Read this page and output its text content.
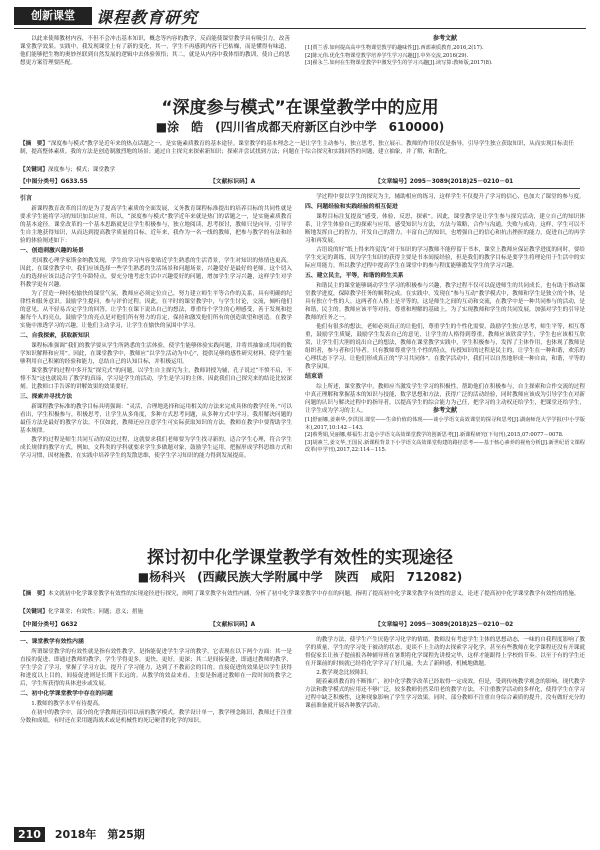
创新课堂	课程教育研究

以此来使师教材内容，不但不会冲击基本知识，概念等内容的教学，反而能使课堂教学具有吸引力，改善课堂教学效果。实践中，我发现课堂上有了新的变化，其一，学生不再感到内容干巴枯燥，而是懂得有味道，他们能够把生物的奥妙丝联到自然发展的逻辑中去体验领悟；其二，就是从内容中我体悟的教训，使自己的思想更方案管理要匹配。

参考文献
[1]贾兰香.如何提高高中生物课堂教学的趣味性[J].西部素质教育,2016,2(17).
[2]陈元伟.优化生物课堂教学培养学生学习兴趣[J].中外交流,2016(29).
[3]翟永兰.如何在生物课堂教学中激发学生的学习兴趣[J].读写算:教师版,2017(8).
“深度参与模式”在课堂教学中的应用
■涂　皓　(四川省成都天府新区白沙中学　610000)
【摘　要】“深度参与模式”教学是近年来的热点话题之一，是实施素质教育的基本途径。课堂教学的基本理念之一是让学生主动参与，独立思考，独立展示。教师的作用仅仅是指导，引导学生独立获取知识，从而实现目标责任制，提高整体素质。我的方法是创造制激烈地的场景；通过自主探究来探索新知识；探索并尝试找到方法；问题在于综合探究和实践回答的问题，建立抽象，并了解，和谐化。
【关键词】深度参与；模式；课堂教学
【中图分类号】G633.55	【文献标识码】A	【文章编号】2095－3089(2018)25－0210－01
引言

新课程教育改革的目的是为了提高学生素质的全面发展，义务教育课程标准提出的培养目标的共同性就是要求学生能将学习的知识加以应用。所以，“深度参与模式”教学近年来就是热门的话题之一，是实施素质教育的基本途径。课堂改革的一个基本思路就是让学生积极参与，独立地阅读，思考探讨，教师只是向导，引导学生自主地获得知识，从而达到提高教学质量的目标。近年来，我作为一名一线的教师，把参与教学的有法和经验的体验阐述如下：

一、创造刺激兴趣的场景

美国教心理学家斯金纳教发现，学生的学习内容要贴近学生熟悉的生活背景，学生对知识的热情也更高。因此，在课堂教学中，我们应该选择一些学生熟悉的生活场景和问题场景，兴趣爱好是最好的老师。这个切入点的选择应该以适合学生年龄特点，要充分地考虑生活中兴趣爱好的问题，增加学生学习兴趣，这样学生对学科教学更有兴趣。

为了营造一种轻松愉快的课堂气氛，教师应必须定位自己，努力建立师生平等合作的关系，具有明确的纪律性和服务意识。鼓励学生提问，参与评价过程。因此，在平时的课堂教学中，与学生讨论，交流，倾听他们的意见，从不轻易否定学生的回答，让学生在课下说出自己的想法，尊重每个学生的心理感受，善于发现和挖掘每个人的亮点，鼓励学生的亮点是对他们所有努力的肯定，保持和激发他们所有的创造欲望和创造。在教学实施中渗透学习的兴趣，让他们主动学习，让学生在愉快的氛围中学习。

二、自我探索，获取新知识

课程标准强调“我们的教学要从学生所熟悉的生活体验，使学生能够体验实践问题，并将其抽象成共同的数学知识解释和应用”。因此，在课堂教学中，教师应“以学生活动为中心”，提供足够的感性研究材料，使学生能够利用自己积累的经验和能力，总结自己的认知目标，并积极运用。

课堂教学的过程中多开发“探究式”的问题，以学生自主探究为主，教师讲授为辅，孔子说过“不愤不启，不悱不发”这也就说出了教学的真谛，学习是学生的活动，学生是学习的主体，因此我们自己探究来的结论比较深刻。比教师口手告诉的讲解效果的效果要好。

三、探索并寻找方法

新课程教学标准的教学目标具明强调：“灵活，合理地选择和运用相关的方法来完成具体的教学任务。”可以看出，学生积极参与，积极思考，让学生从多角度，多种方式思考问题，从多种方式中学习。我用解决问题的最佳方法是最好的教学方法。不仅如此，教师还应注意学生可实际获取知识的方法，教师在教学中要帮助学生基本规律。

教学的过程是师生共同互动的双边过程，这就要求我们老师要为学生找寻新的，适合学生心理，符合学生成长规律的教学方式，例如，文科类的学科就要求学生多做题对象，鼓励学生运用，把握形成学科思维方式和学习习惯，因材施教，在实践中培养学生的发散思维，使学生学习知识的能力得到发展提高。

学过程中要以学生的探究为主，辅助相应的练习，这样学生不仅提升了学习的信心，也加大了课堂的参与度。

四、问题经验和实践经验的相互促进

课程目标注复提及“感受，体验，反思，探索”。因此，课堂教学是让学生参与探究活动，建立自己的知识体系，让学生体验自己的探索与应用，感受知识与方法，方法与策略，合作与沟通，失败与成功。这样，学生可以不断地发挥自己的智力，开发自己的潜力，丰富自己的知识，也增强自己的信心和抗击挫折的能力，促进自己的再学习和再发展。

古语说的好“纸上得来终觉浅”对于知识的学习教师不能停留于书本，课堂上教师应保证教学进度的同时，要给学生充足的训练，因为学生知识的获得主要是书本间接经验，但是我们的教学目标是要学生将理论用于生活中的实际应用能力，所以教学过程中提高学生在课堂中的参与程度能够激发学生的学习兴趣。

五、建立民主，平等，和谐的师生关系

和谐民主的课堂能够调动学生学习的积极参与兴趣，教学过程不仅可以促进师生的共同成长，也有助于推动课堂教学进度，保障教学任务的顺利完成。在实践中，发现在“参与互动”教学模式中，教师和学生是独立的个体，是具有独立个性的人。这两者在人格上是平等的，这是师生之间的互动和交流，在教学中是一种共同参与的活动，是和谐，民主的。教师应该平等对待，尊重和理解的基础上，为了实现教师和学生的共同发展，加强对学生的引导是教师的任务之一。

他们有很多的想法，老师必须真正的让他们，尊重学生的个性化需要，鼓励学生独立思考，师生平等，相互尊重，鼓励学生质疑，鼓励学生发表自己的意见，让学生的人格得到尊重，教师应该欣赏学生，学生也应该相互欣赏，让学生们大胆的说出自己的想法，教师在课堂教学实践中，学生积极参与，发挥了主体作用，也体现了教师是组织者，参与者和引导者。只有教师尊重学生个性的特点，传授知识的过程是民主的，让学生在一种和谐，欢乐的心理状态下学习，让他们形成真正的“学习共同体”。在教学活动中，我们可以自然地形成一种自由，和谐，平等的教学氛围。

结束语

综上所述，课堂教学中，教师应当激发学生学习的积极性，帮助他们在积极参与，自主探索和合作交流的过程中真正理解和掌握基本的知识与技能，数学思想和方法，获得广泛的活动经验，同时教师应该成为引导学生在对新问题的认识与解决过程中的指导者。以提高学生的综合能力为己任，把学习的主动权还给学生，把课堂还给学生，让学生成为学习的主人。	参考文献
[1]舒丽娜,姜素华,李洪国.课堂——生命价值的体现——谈小学语文高效课堂的探寻和思考[J].湖南师范大学学报(中小学版本),2017,10:142－143.
[2]蔡秀娟,吴丽娜,蔡福生.打造小学语文高效课堂教学的创新思考[J].新课程研究(下旬刊),2015,07:0077－0078.
[3]胡素兰,姜文华,王国民.新课程背景下小学语文高效课堂构建的路径思考——基于核心素养的视角分析[J].新世纪语文课程改革(中学刊),2017,22:114－115.
探讨初中化学课堂教学有效性的实现途径
■杨科兴　(西藏民族大学附属中学　陕西　咸阳　712082)
【摘　要】本文就初中化学课堂教学有效性的实现途径进行探究，阐明了课堂教学有效性内涵，分析了初中化学课堂教学中存在的问题，指明了提高初中化学课堂教学有效性的意义，论述了提高初中化学课堂教学有效性的措施。
【关键词】化学课堂；有效性；问题；意义；措施
【中图分类号】G632	【文献标识码】A	【文章编号】2095－3089(2018)25－0210－02
一、课堂教学有效性内涵

所谓课堂教学的有效性就是指有效性教学，是指能促进学生学习的教学。它表现在以下两个方面：其一是直接的促进，即通过教师的教学，学生学得更多，更快，更好，更深；其二是间接促进，即通过教师的教学，学生学会了学习，掌握了学习方法，提升了学习能力，达到了不教而会的目的。直接促进的效果是以学生获得和进度以上目的，间接促进则是长期下长远的。从教学的效益来看，主要是指通过教师在一段时间的教学之后，学生所获得的具体进步或发展。

二、初中化学课堂教学中存在的问题

1.教师的教学水平有待提高。

在初中的教学中，部分的化学教师还沿用以前的教学模式，教学设计单一，教学理念陈旧，教师过于注重分数和成绩，有时还在采用题海战术或是机械性的死记硬背的化学的知识。

的教学方法，使学生产生厌倦学习化学的情绪。教师没有考虑学生主体的思想动态，一味的自我程度影响了教学的质量，学生的学习处于被动的状态，更谈不上主动的去探索学习化学。甚至有些教师在化学课程还没有开课就督促家长让孩子提前报各种辅导班在暑期将化学课程先讲授完毕，这样才能跟得上学校的节奏。以至于有的学生还在开课前的时候就已经将化学学习了好几遍，失去了新鲜感，机械地做题。

2.教学观念比较陈旧。

随着素质教育的不断推广，初中化学教学改革已经取得一定成效，但是，受到传统教学观念的影响，现代教学方法和教学模式的应用还不够广泛，较多教师仍然采用老的教学方法，不注重教学活动的多样化，使得学生在学习过程中缺乏积极性，这种现象影响了学生学习效果。同时，部分教师不注重自身综合素质的提升，没有做好充分的课前准备就开展各种教学活动。

210 2018年　第25期
